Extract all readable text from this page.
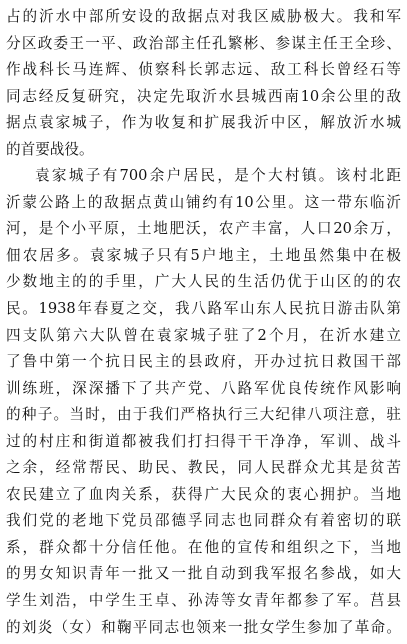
占的沂水中部所安设的敌据点对我区威胁极大。我和军
分区政委王一平、政治部主任孔繁彬、参谋主任王全珍、
作战科长马连辉、侦察科长郭志远、敌工科长曾经石等
同志经反复研究，决定先取沂水县城西南10余公里的敌
据点袁家城子，作为收复和扩展我沂中区，解放沂水城
的首要战役。
袁家城子有700余户居民，是个大村镇。该村北距
沂蒙公路上的敌据点黄山铺约有10公里。这一带东临沂
河，是个小平原，土地肥沃，农产丰富，人口20余万，
佃农居多。袁家城子只有5户地主，土地虽然集中在极
少数地主的的手里，广大人民的生活仍优于山区的的农
民。1938年春夏之交，我八路军山东人民抗日游击队第
四支队第六大队曾在袁家城子驻了2个月，在沂水建立
了鲁中第一个抗日民主的县政府，开办过抗日救国干部
训练班，深深播下了共产党、八路军优良传统作风影响
的种子。当时，由于我们严格执行三大纪律八项注意，驻
过的村庄和街道都被我们打扫得干干净净，军训、战斗
之余，经常帮民、助民、教民，同人民群众尤其是贫苦
农民建立了血肉关系，获得广大民众的衷心拥护。当地
我们党的老地下党员邵德孚同志也同群众有着密切的联
系，群众都十分信任他。在他的宣传和组织之下，当地
的男女知识青年一批又一批自动到我军报名参战，如大
学生刘浩，中学生王卓、孙涛等女青年都参了军。莒县
的刘炎（女）和鞠平同志也领来一批女学生参加了革命。
